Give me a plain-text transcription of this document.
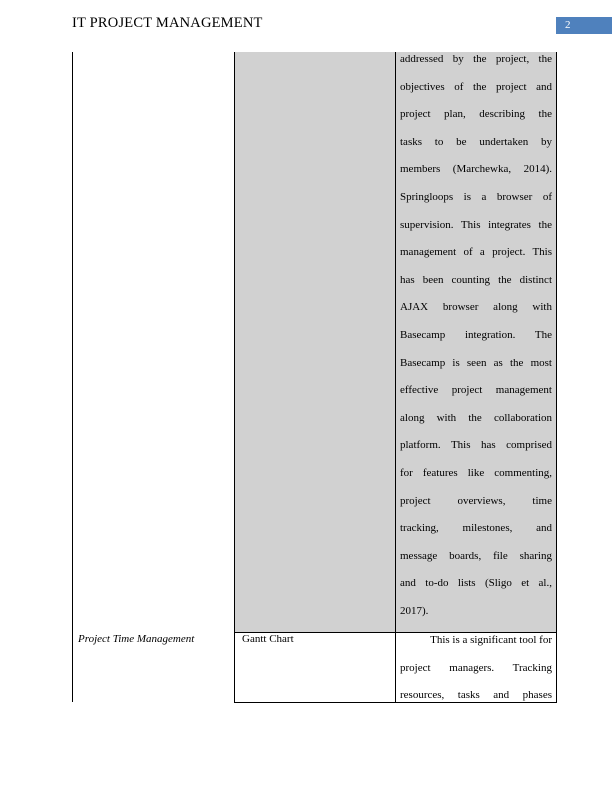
IT PROJECT MANAGEMENT	2
addressed by the project, the
objectives of the project and
project plan, describing the
tasks to be undertaken by
members (Marchewka, 2014).
Springloops is a browser of
supervision. This integrates the
management of a project. This
has been counting the distinct
AJAX browser along with
Basecamp integration. The
Basecamp is seen as the most
effective project management
along with the collaboration
platform. This has comprised
for features like commenting,
project overviews, time
tracking, milestones, and
message boards, file sharing
and to-do lists (Sligo et al.,
2017).
Project Time Management	Gantt Chart	This is a significant tool for
project managers. Tracking
resources, tasks and phases
